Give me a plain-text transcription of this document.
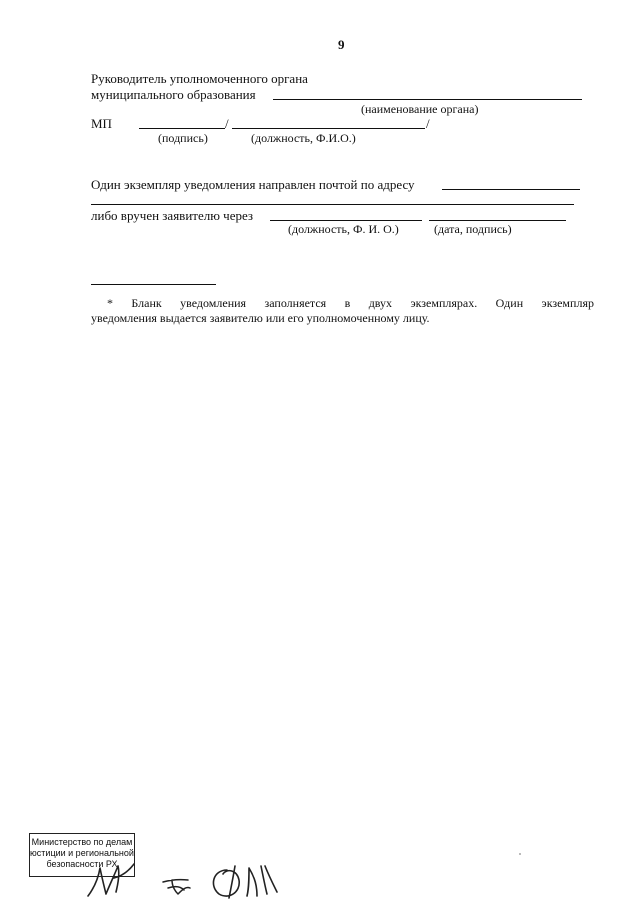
9
Руководитель уполномоченного органа
муниципального образования
(наименование органа)
МП	/	/
(подпись)	(должность, Ф.И.О.)
Один экземпляр уведомления направлен почтой по адресу
либо вручен заявителю через
(должность, Ф. И. О.)	(дата, подпись)
* Бланк уведомления заполняется в двух экземплярах. Один экземпляр
уведомления выдается заявителю или его уполномоченному лицу.
Министерство по делам
юстиции и региональной
безопасности РХ
